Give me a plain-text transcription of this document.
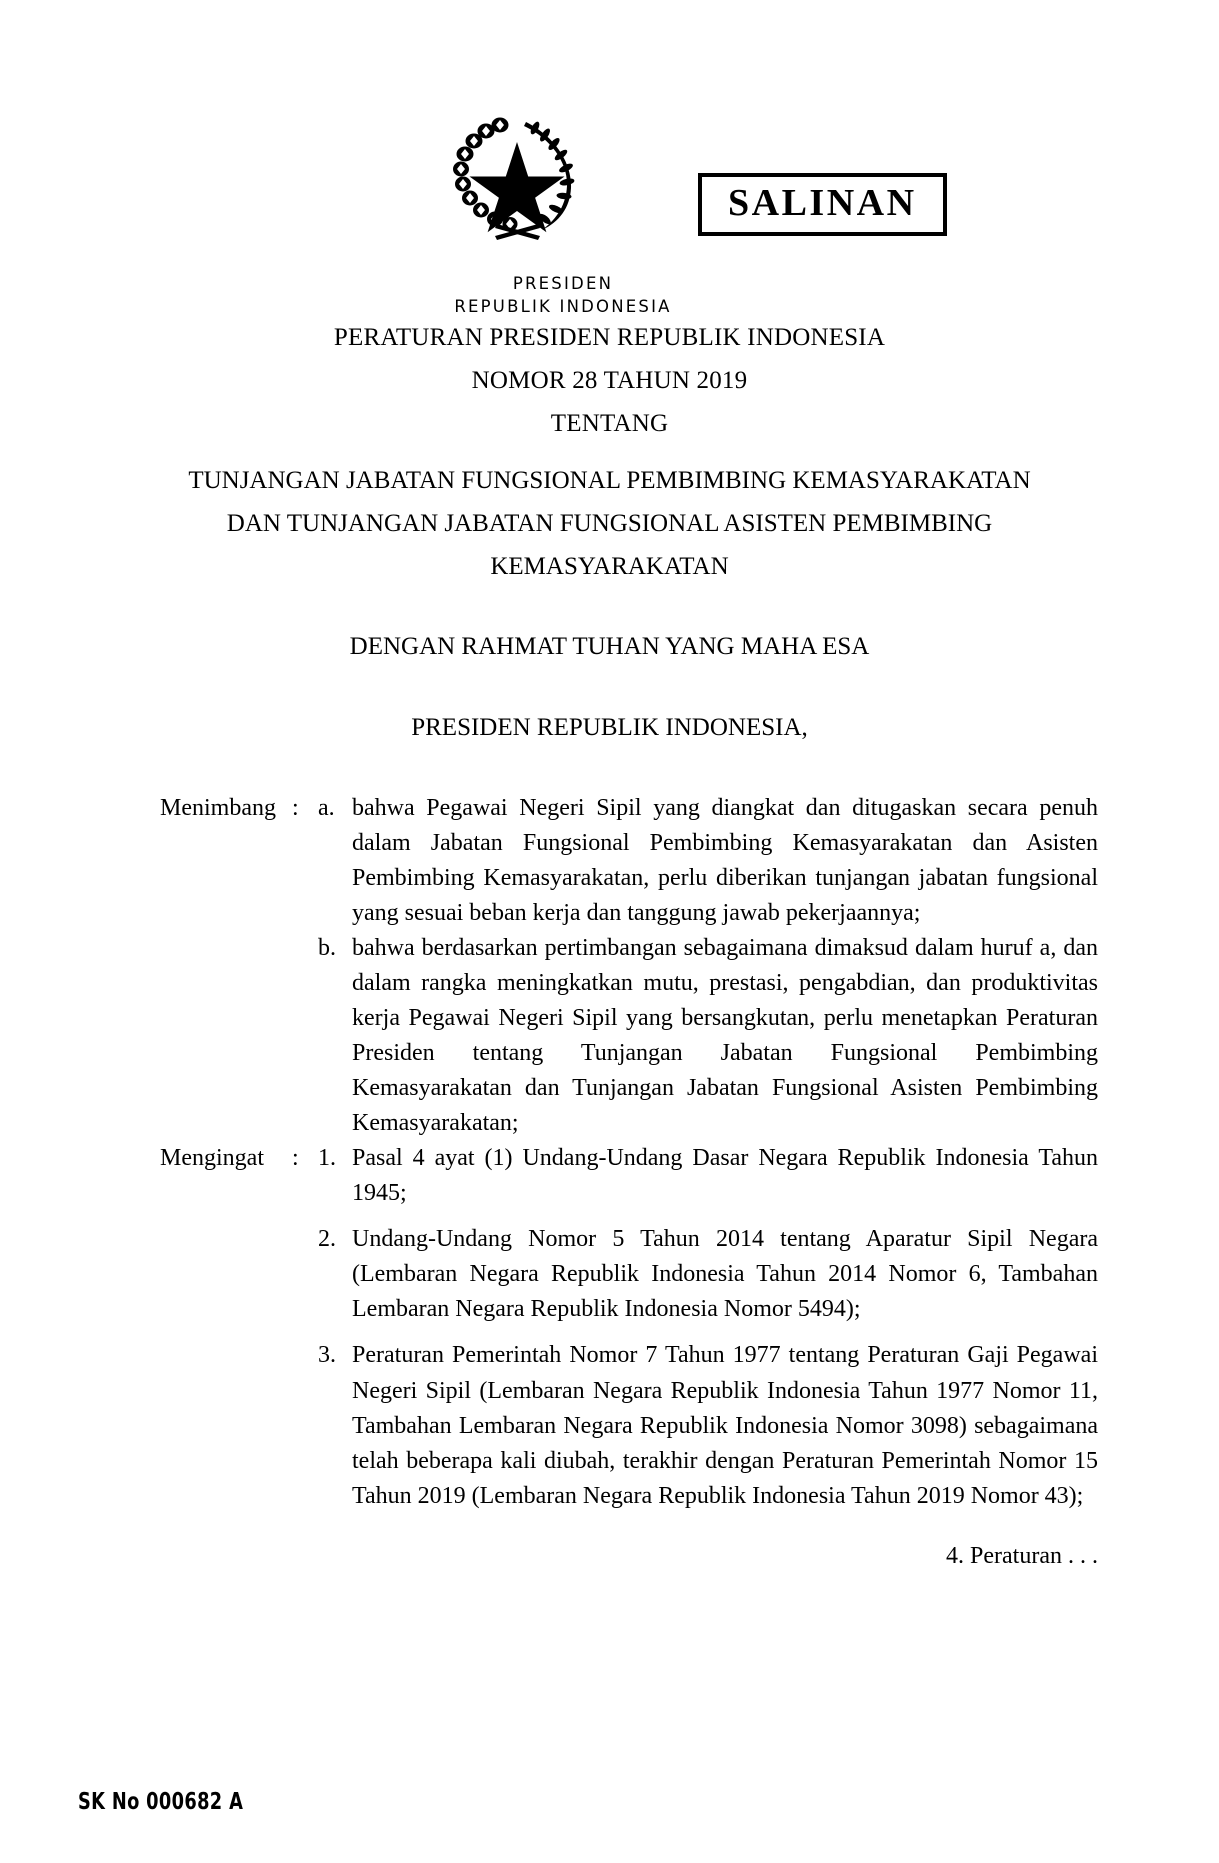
SALINAN
PRESIDEN
REPUBLIK INDONESIA
PERATURAN PRESIDEN REPUBLIK INDONESIA
NOMOR 28 TAHUN 2019
TENTANG
TUNJANGAN JABATAN FUNGSIONAL PEMBIMBING KEMASYARAKATAN
DAN TUNJANGAN JABATAN FUNGSIONAL ASISTEN PEMBIMBING
KEMASYARAKATAN
DENGAN RAHMAT TUHAN YANG MAHA ESA
PRESIDEN REPUBLIK INDONESIA,
Menimbang : a. bahwa Pegawai Negeri Sipil yang diangkat dan ditugaskan secara penuh dalam Jabatan Fungsional Pembimbing Kemasyarakatan dan Asisten Pembimbing Kemasyarakatan, perlu diberikan tunjangan jabatan fungsional yang sesuai beban kerja dan tanggung jawab pekerjaannya;
b. bahwa berdasarkan pertimbangan sebagaimana dimaksud dalam huruf a, dan dalam rangka meningkatkan mutu, prestasi, pengabdian, dan produktivitas kerja Pegawai Negeri Sipil yang bersangkutan, perlu menetapkan Peraturan Presiden tentang Tunjangan Jabatan Fungsional Pembimbing Kemasyarakatan dan Tunjangan Jabatan Fungsional Asisten Pembimbing Kemasyarakatan;
Mengingat	: 1. Pasal 4 ayat (1) Undang-Undang Dasar Negara Republik Indonesia Tahun 1945;
2. Undang-Undang Nomor 5 Tahun 2014 tentang Aparatur Sipil Negara (Lembaran Negara Republik Indonesia Tahun 2014 Nomor 6, Tambahan Lembaran Negara Republik Indonesia Nomor 5494);
3. Peraturan Pemerintah Nomor 7 Tahun 1977 tentang Peraturan Gaji Pegawai Negeri Sipil (Lembaran Negara Republik Indonesia Tahun 1977 Nomor 11, Tambahan Lembaran Negara Republik Indonesia Nomor 3098) sebagaimana telah beberapa kali diubah, terakhir dengan Peraturan Pemerintah Nomor 15 Tahun 2019 (Lembaran Negara Republik Indonesia Tahun 2019 Nomor 43);
4. Peraturan . . .
SK No 000682 A
